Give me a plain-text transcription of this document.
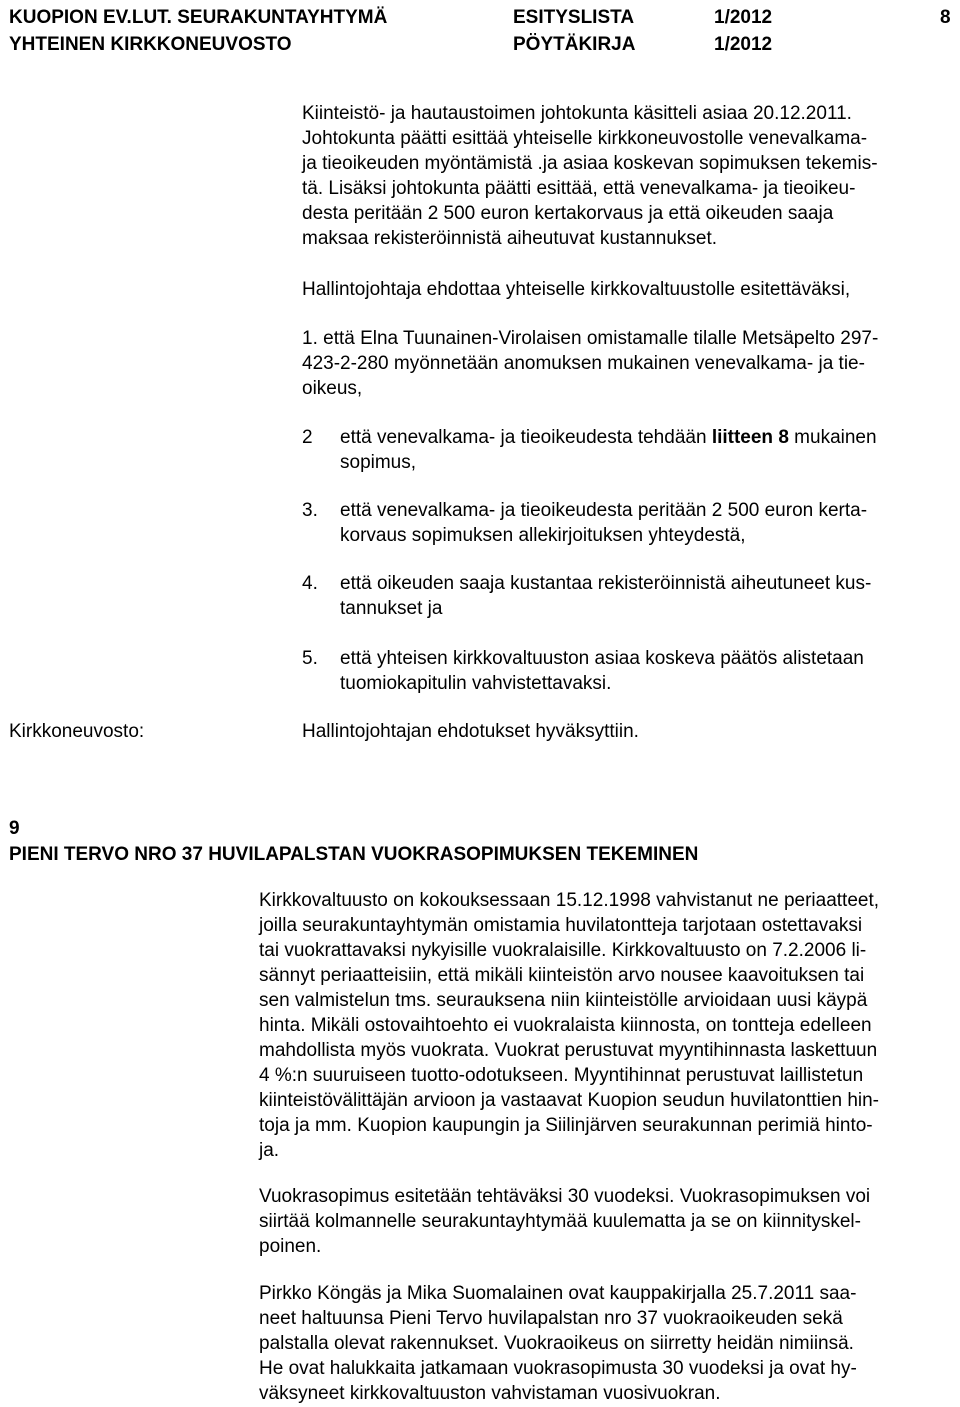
KUOPION EV.LUT. SEURAKUNTAYHTYMÄ	ESITYSLISTA	1/2012	8
YHTEINEN KIRKKONEUVOSTO	PÖYTÄKIRJA	1/2012
Kiinteistö- ja hautaustoimen johtokunta käsitteli asiaa 20.12.2011.
Johtokunta päätti esittää yhteiselle kirkkoneuvostolle venevalkama-
ja tieoikeuden myöntämistä .ja asiaa koskevan sopimuksen tekemis-
tä. Lisäksi johtokunta päätti esittää, että venevalkama- ja tieoikeu-
desta peritään 2 500 euron kertakorvaus ja että oikeuden saaja
maksaa rekisteröinnistä aiheutuvat kustannukset.
Hallintojohtaja ehdottaa yhteiselle kirkkovaltuustolle esitettäväksi,
1. että Elna Tuunainen-Virolaisen omistamalle tilalle Metsäpelto 297-
423-2-280 myönnetään anomuksen mukainen venevalkama- ja tie-
oikeus,
2 että venevalkama- ja tieoikeudesta tehdään liitteen 8 mukainen
sopimus,
3. että venevalkama- ja tieoikeudesta peritään 2 500 euron kerta-
korvaus sopimuksen allekirjoituksen yhteydestä,
4. että oikeuden saaja kustantaa rekisteröinnistä aiheutuneet kus-
tannukset ja
5. että yhteisen kirkkovaltuuston asiaa koskeva päätös alistetaan
tuomiokapitulin vahvistettavaksi.
Kirkkoneuvosto:	Hallintojohtajan ehdotukset hyväksyttiin.
9
PIENI TERVO NRO 37 HUVILAPALSTAN VUOKRASOPIMUKSEN TEKEMINEN
Kirkkovaltuusto on kokouksessaan 15.12.1998 vahvistanut ne periaatteet,
joilla seurakuntayhtymän omistamia huvilatontteja tarjotaan ostettavaksi
tai vuokrattavaksi nykyisille vuokralaisille. Kirkkovaltuusto on 7.2.2006 li-
sännyt periaatteisiin, että mikäli kiinteistön arvo nousee kaavoituksen tai
sen valmistelun tms. seurauksena niin kiinteistölle arvioidaan uusi käypä
hinta. Mikäli ostovaihtoehto ei vuokralaista kiinnosta, on tontteja edelleen
mahdollista myös vuokrata. Vuokrat perustuvat myyntihinnasta laskettuun
4 %:n suuruiseen tuotto-odotukseen. Myyntihinnat perustuvat laillistetun
kiinteistövälittäjän arvioon ja vastaavat Kuopion seudun huvilatonttien hin-
toja ja mm. Kuopion kaupungin ja Siilinjärven seurakunnan perimiä hinto-
ja.
Vuokrasopimus esitetään tehtäväksi 30 vuodeksi. Vuokrasopimuksen voi
siirtää kolmannelle seurakuntayhtymää kuulematta ja se on kiinnityskel-
poinen.
Pirkko Köngäs ja Mika Suomalainen ovat kauppakirjalla 25.7.2011 saa-
neet haltuunsa Pieni Tervo huvilapalstan nro 37 vuokraoikeuden sekä
palstalla olevat rakennukset. Vuokraoikeus on siirretty heidän nimiinsä.
He ovat halukkaita jatkamaan vuokrasopimusta 30 vuodeksi ja ovat hy-
väksyneet kirkkovaltuuston vahvistaman vuosivuokran.
